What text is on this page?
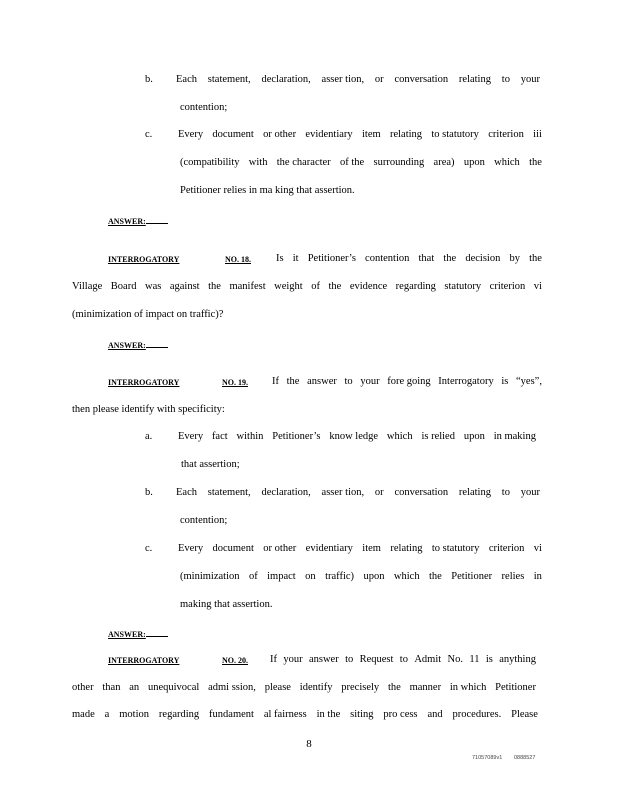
b. Each statement, declaration, asser tion, or conversation relating to your
contention;
c. Every document or other evidentiary item relating to statutory criterion iii
(compatibility with the character of the surrounding area) upon which the
Petitioner relies in ma king that assertion.
ANSWER:
INTERROGATORY	NO. 18.	Is it Petitioner’s contention that the decision by the
Village Board was against the manifest weight of the evidence regarding statutory criterion vi
(minimization of impact on traffic)?
ANSWER:
INTERROGATORY	NO. 19.	If the answer to your fore going Interrogatory is “yes”,
then please identify with specificity:
a. Every fact within Petitioner’s know ledge which is relied upon in making
that assertion;
b. Each statement, declaration, asser tion, or conversation relating to your
contention;
c. Every document or other evidentiary item relating to statutory criterion vi
(minimization of impact on traffic) upon which the Petitioner relies in
making that assertion.
ANSWER:
INTERROGATORY	NO. 20.	If your answer to Request to Admit No. 11 is anything
other than an unequivocal admi ssion, please identify precisely the manner in which Petitioner
made a motion regarding fundament al fairness in the siting pro cess and procedures. Please
8
71057089v1 0888527
